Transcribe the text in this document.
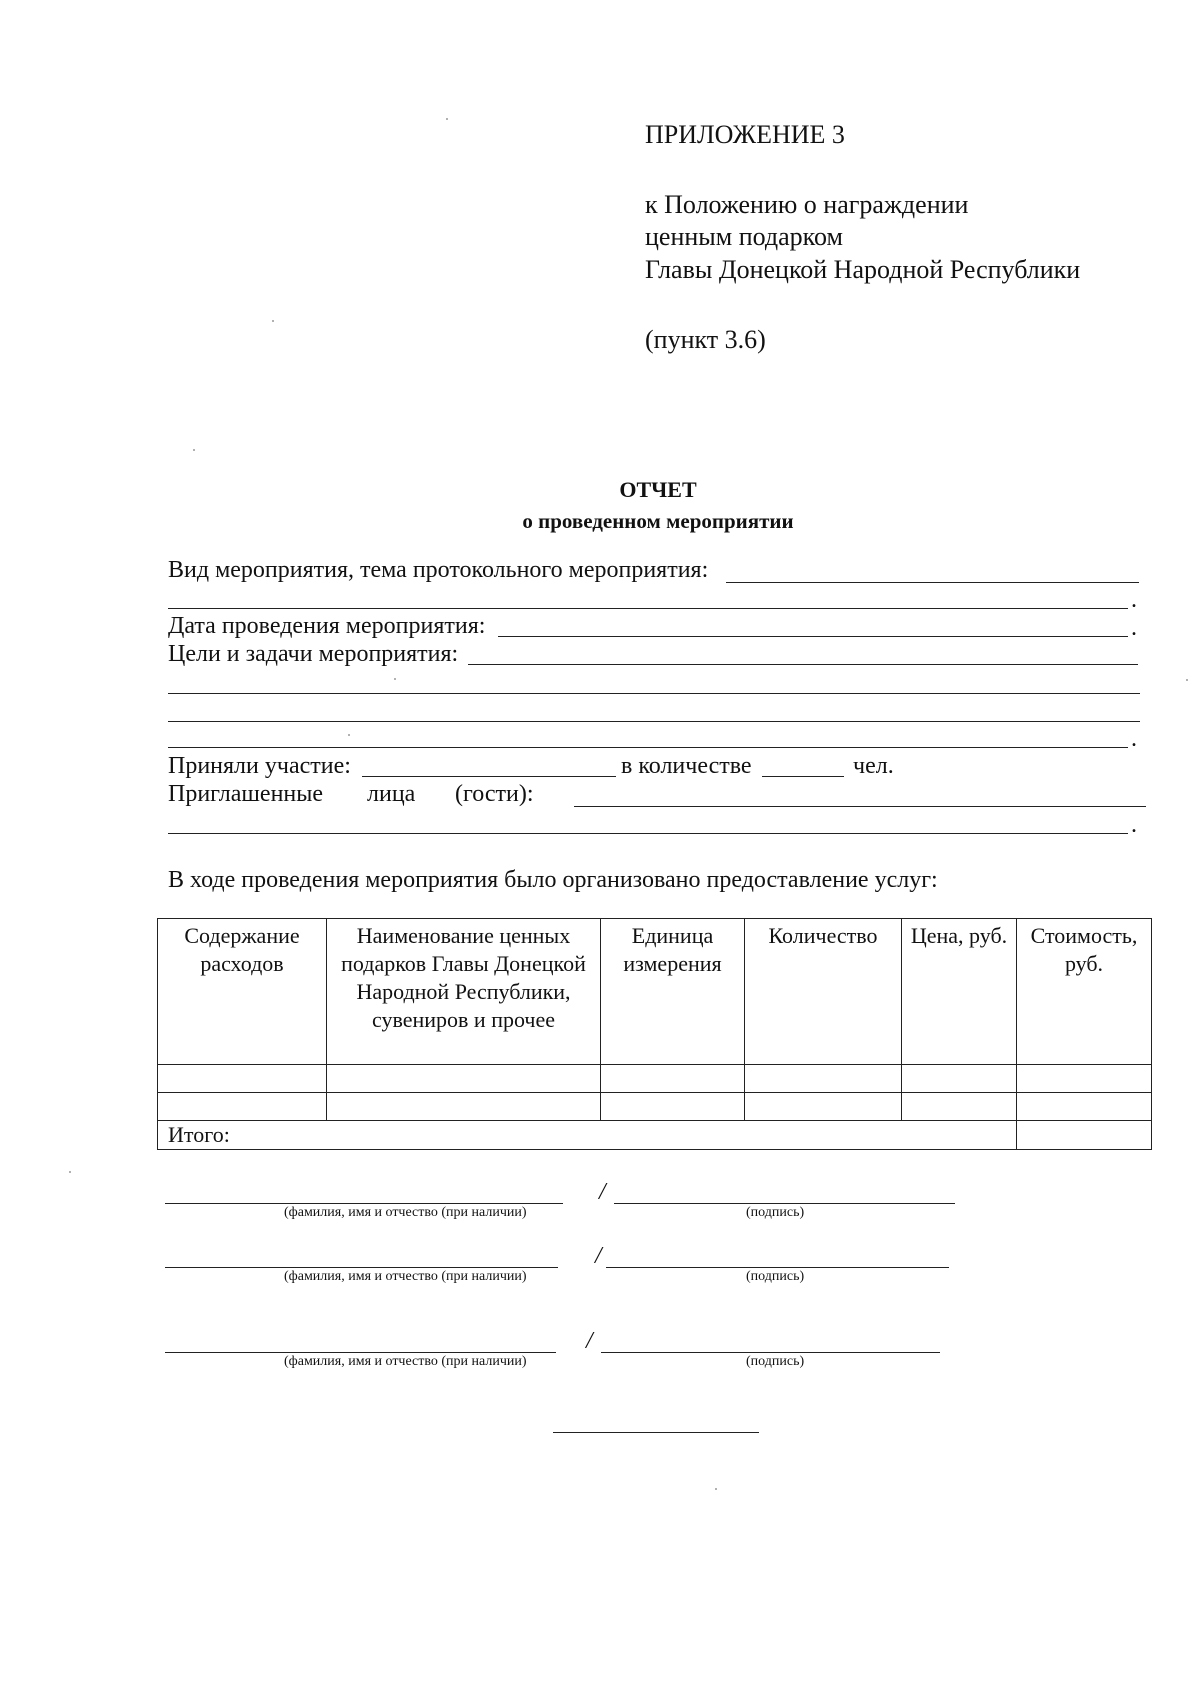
ПРИЛОЖЕНИЕ 3
к Положению о награждении
ценным подарком
Главы Донецкой Народной Республики
(пункт 3.6)
ОТЧЕТ
о проведенном мероприятии
Вид мероприятия, тема протокольного мероприятия:
.
Дата проведения мероприятия:	.
Цели и задачи мероприятия:
.
Приняли участие:	в количестве	чел.
Приглашенные лица (гости):
.
В ходе проведения мероприятия было организовано предоставление услуг:
Содержание расходов	Наименование ценных подарков Главы Донецкой Народной Республики, сувениров и прочее	Единица измерения	Количество	Цена, руб.	Стоимость, руб.

Итого:					
(фамилия, имя и отчество (при наличии)
/
(подпись)
(фамилия, имя и отчество (при наличии)
/
(подпись)
(фамилия, имя и отчество (при наличии)
/
(подпись)
